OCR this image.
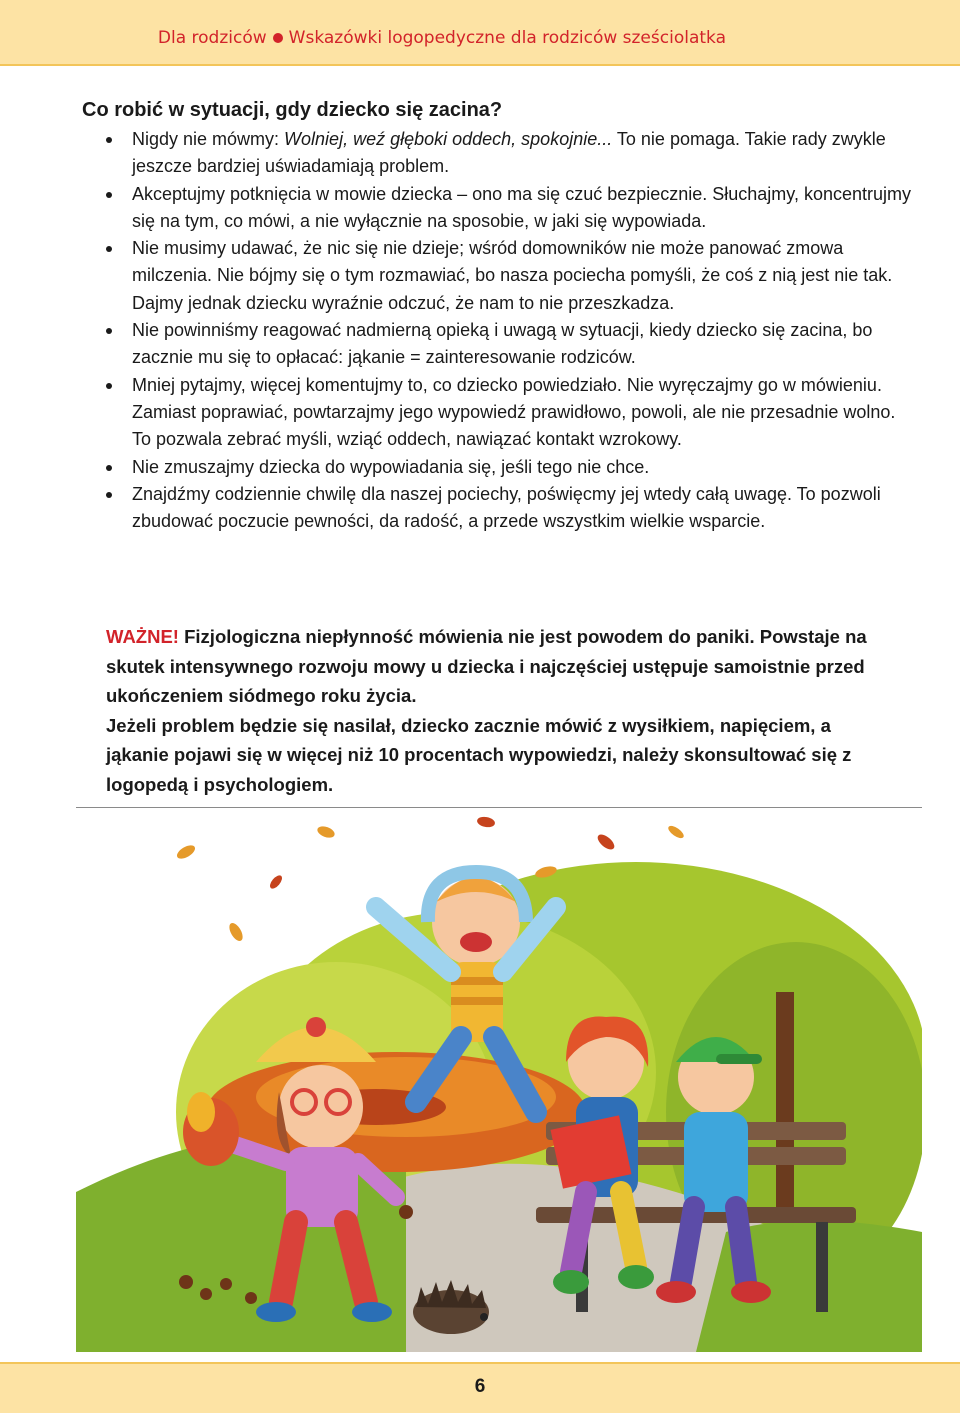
Dla rodziców Wskazówki logopedyczne dla rodziców sześciolatka
Co robić w sytuacji, gdy dziecko się zacina?
Nigdy nie mówmy: Wolniej, weź głęboki oddech, spokojnie... To nie pomaga. Takie rady zwykle jeszcze bardziej uświadamiają problem.
Akceptujmy potknięcia w mowie dziecka – ono ma się czuć bezpiecznie. Słuchajmy, koncentrujmy się na tym, co mówi, a nie wyłącznie na sposobie, w jaki się wypowiada.
Nie musimy udawać, że nic się nie dzieje; wśród domowników nie może panować zmowa milczenia. Nie bójmy się o tym rozmawiać, bo nasza pociecha pomyśli, że coś z nią jest nie tak. Dajmy jednak dziecku wyraźnie odczuć, że nam to nie przeszkadza.
Nie powinniśmy reagować nadmierną opieką i uwagą w sytuacji, kiedy dziecko się zacina, bo zacznie mu się to opłacać: jąkanie = zainteresowanie rodziców.
Mniej pytajmy, więcej komentujmy to, co dziecko powiedziało. Nie wyręczajmy go w mówieniu. Zamiast poprawiać, powtarzajmy jego wypowiedź prawidłowo, powoli, ale nie przesadnie wolno. To pozwala zebrać myśli, wziąć oddech, nawiązać kontakt wzrokowy.
Nie zmuszajmy dziecka do wypowiadania się, jeśli tego nie chce.
Znajdźmy codziennie chwilę dla naszej pociechy, poświęcmy jej wtedy całą uwagę. To pozwoli zbudować poczucie pewności, da radość, a przede wszystkim wielkie wsparcie.
WAŻNE! Fizjologiczna niepłynność mówienia nie jest powodem do paniki. Powstaje na skutek intensywnego rozwoju mowy u dziecka i najczęściej ustępuje samoistnie przed ukończeniem siódmego roku życia.
Jeżeli problem będzie się nasilał, dziecko zacznie mówić z wysiłkiem, napięciem, a jąkanie pojawi się w więcej niż 10 procentach wypowiedzi, należy skonsultować się z logopedą i psychologiem.
6
